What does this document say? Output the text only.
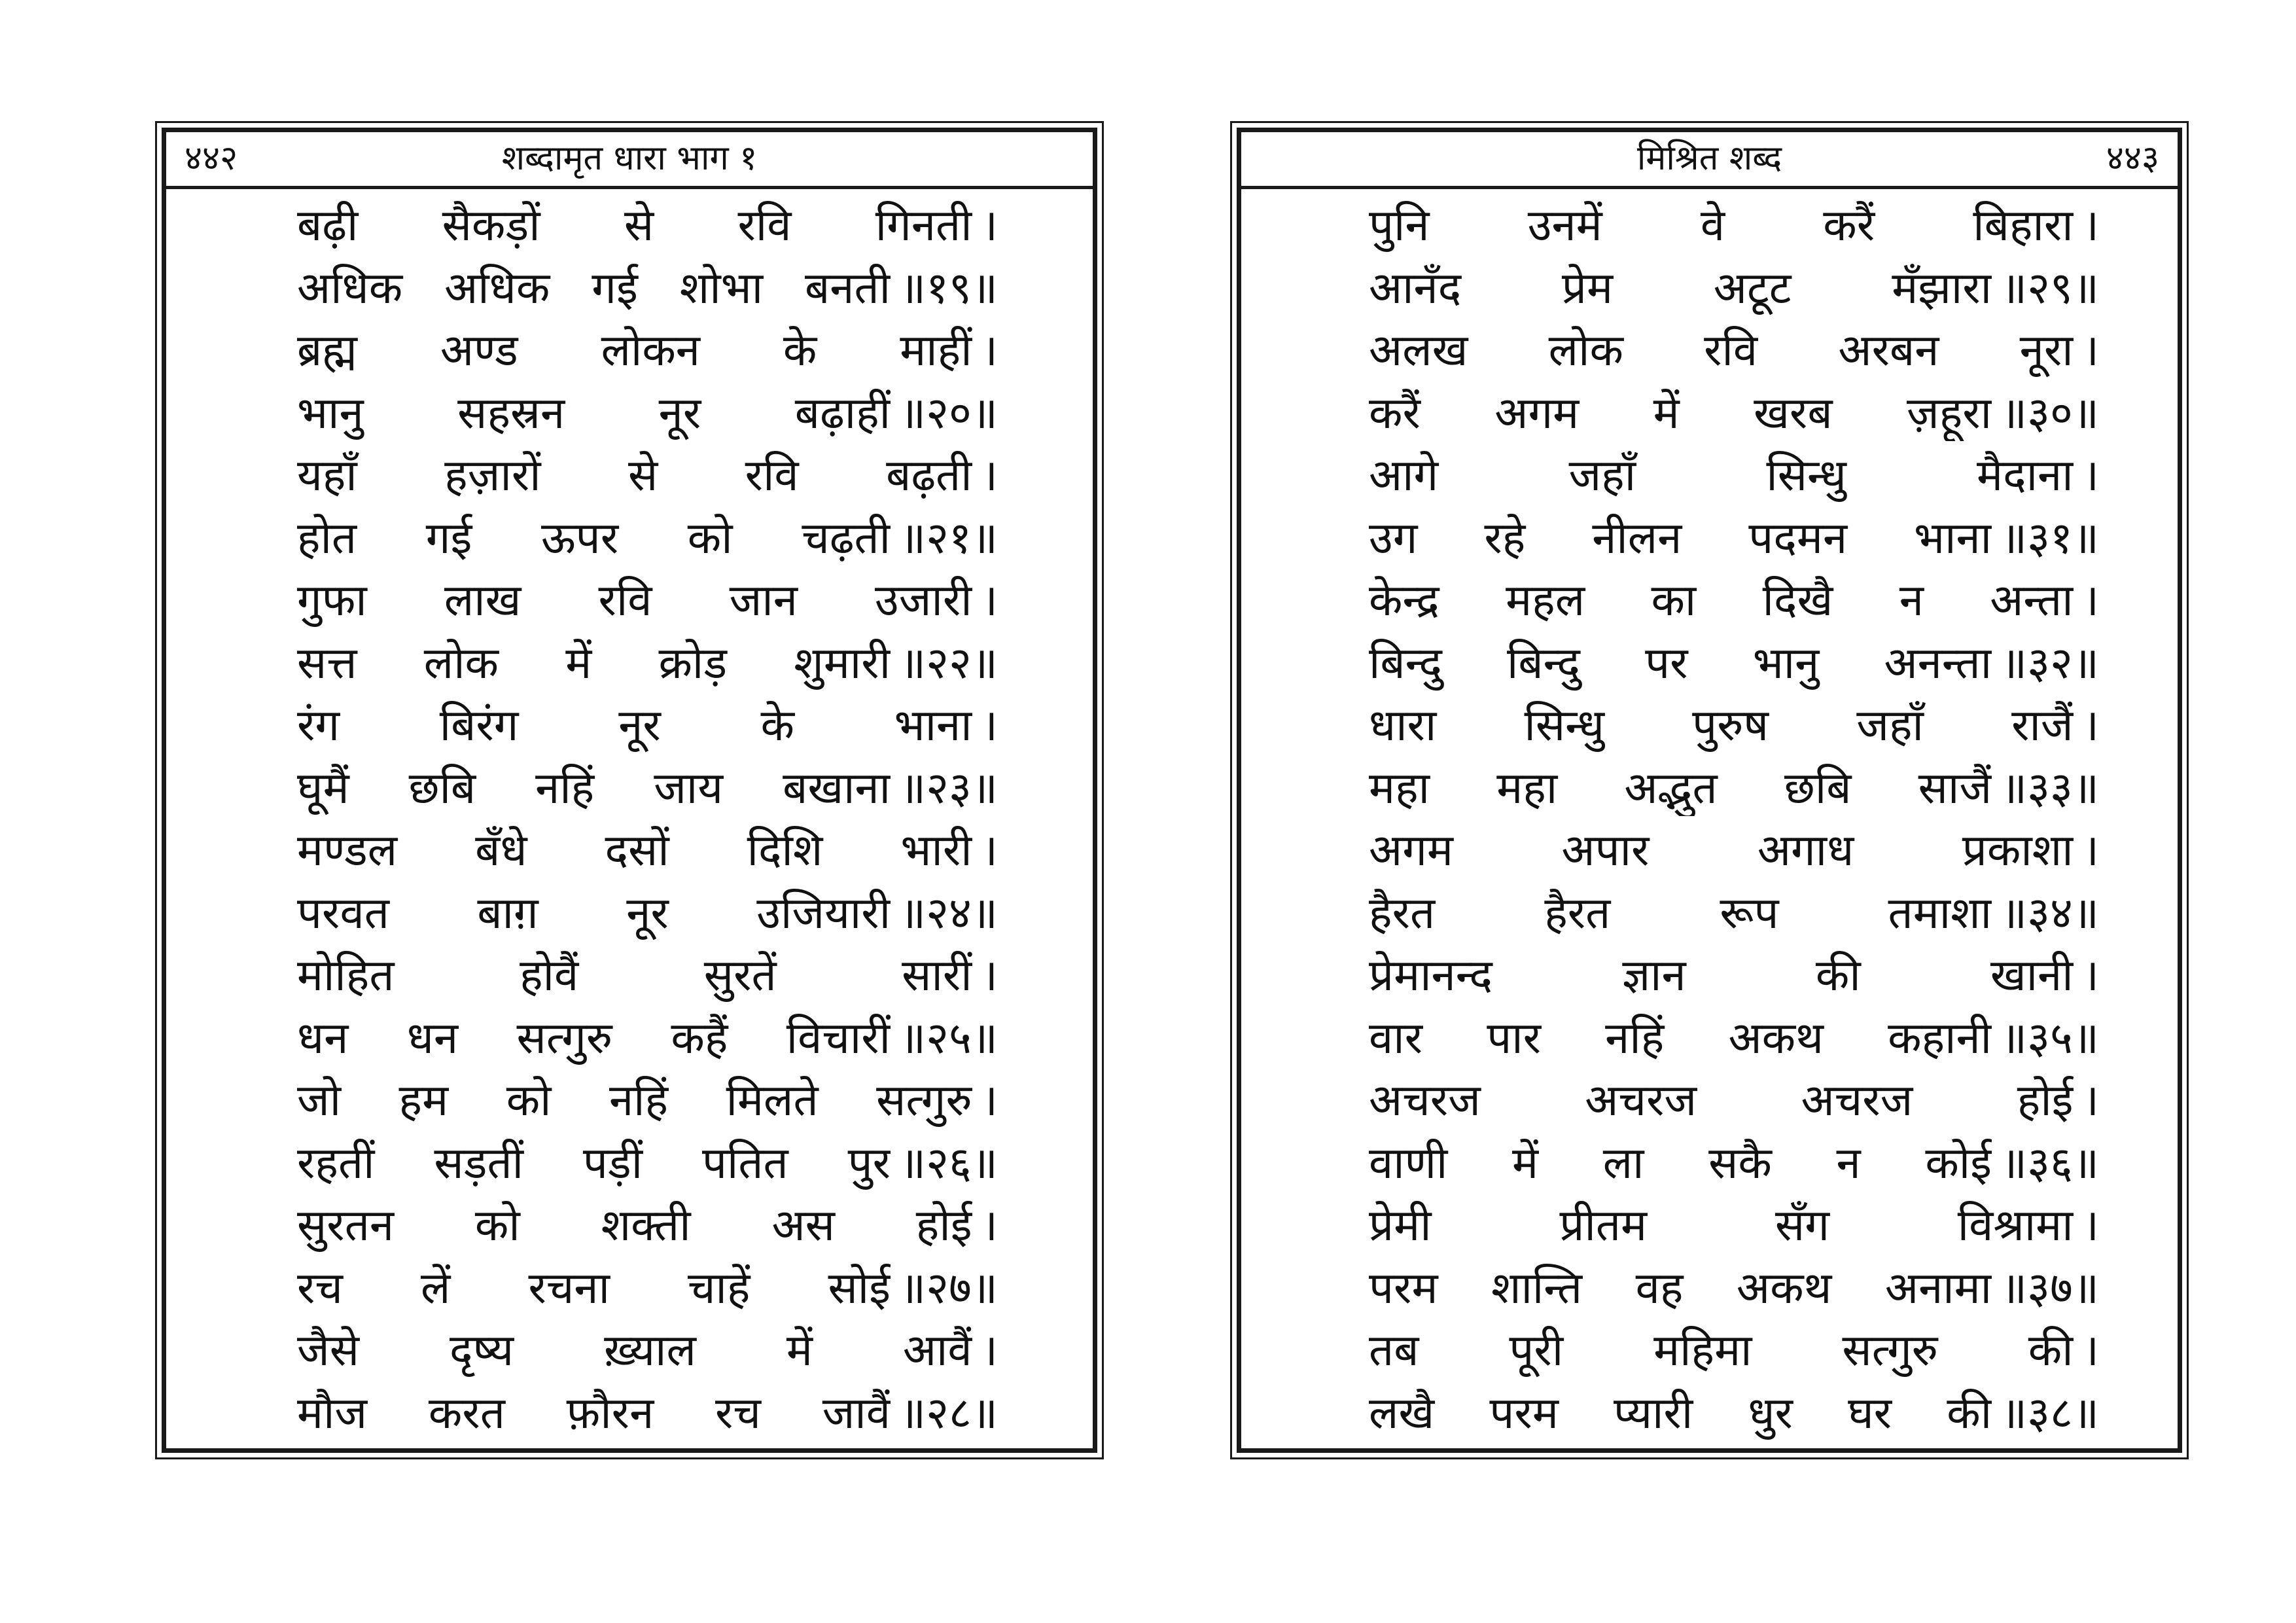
४४२	शब्दामृत धारा भाग १
बढ़ी सैकड़ों से रवि गिनती ।
अधिक अधिक गई शोभा बनती ॥१९॥
ब्रह्म अण्ड लोकन के माहीं ।
भानु सहस्रन नूर बढ़ाहीं ॥२०॥
यहाँ हज़ारों से रवि बढ़ती ।
होत गई ऊपर को चढ़ती ॥२१॥
गुफा लाख रवि जान उजारी ।
सत्त लोक में क्रोड़ शुमारी ॥२२॥
रंग बिरंग नूर के भाना ।
घूमैं छबि नहिं जाय बखाना ॥२३॥
मण्डल बँधे दसों दिशि भारी ।
परवत बाग़ नूर उजियारी ॥२४॥
मोहित होवैं सुरतें सारीं ।
धन धन सत्गुरु कहैं विचारीं ॥२५॥
जो हम को नहिं मिलते सत्गुरु ।
रहतीं सड़तीं पड़ीं पतित पुर ॥२६॥
सुरतन को शक्ती अस होई ।
रच लें रचना चाहें सोई ॥२७॥
जैसे दृष्य ख़्याल में आवैं ।
मौज करत फ़ौरन रच जावैं ॥२८॥
मिश्रित शब्द	४४३
पुनि उनमें वे करैं बिहारा ।
आनँद प्रेम अटूट मँझारा ॥२९॥
अलख लोक रवि अरबन नूरा ।
करैं अगम में खरब ज़हूरा ॥३०॥
आगे जहाँ सिन्धु मैदाना ।
उग रहे नीलन पदमन भाना ॥३१॥
केन्द्र महल का दिखै न अन्ता ।
बिन्दु बिन्दु पर भानु अनन्ता ॥३२॥
धारा सिन्धु पुरुष जहाँ राजैं ।
महा महा अद्भुत छबि साजैं ॥३३॥
अगम अपार अगाध प्रकाशा ।
हैरत हैरत रूप तमाशा ॥३४॥
प्रेमानन्द ज्ञान की खानी ।
वार पार नहिं अकथ कहानी ॥३५॥
अचरज अचरज अचरज होई ।
वाणी में ला सकै न कोई ॥३६॥
प्रेमी प्रीतम सँग विश्रामा ।
परम शान्ति वह अकथ अनामा ॥३७॥
तब पूरी महिमा सत्गुरु की ।
लखै परम प्यारी धुर घर की ॥३८॥
